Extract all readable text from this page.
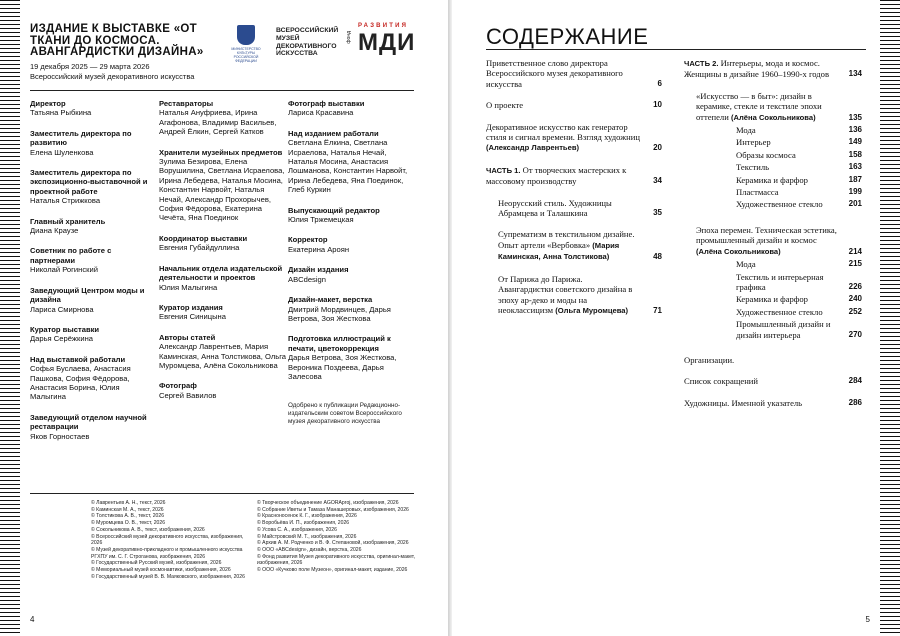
ИЗДАНИЕ К ВЫСТАВКЕ «ОТ ТКАНИ ДО КОСМОСА. АВАНГАРДИСТКИ ДИЗАЙНА»
19 декабря 2025 — 29 марта 2026
Всероссийский музей декоративного искусства
МИНИСТЕРСТВО КУЛЬТУРЫ РОССИЙСКОЙ ФЕДЕРАЦИИ
ВСЕРОССИЙСКИЙ МУЗЕЙ ДЕКОРАТИВНОГО ИСКУССТВА
фонд
РАЗВИТИЯ
МДИ
Директор
Татьяна Рыбкина
Заместитель директора по развитию
Елена Шуленкова
Заместитель директора по экспозиционно-выставочной и проектной работе
Наталья Стрижкова
Главный хранитель
Диана Краузе
Советник по работе с партнерами
Николай Рогинский
Заведующий Центром моды и дизайна
Лариса Смирнова
Куратор выставки
Дарья Серёжкина
Над выставкой работали
Софья Буслаева, Анастасия Пашкова, София Фёдорова, Анастасия Борина, Юлия Малыгина
Заведующий отделом научной реставрации
Яков Горностаев
Реставраторы
Наталья Ануфриева, Ирина Агафонова, Владимир Васильев, Андрей Ёлкин, Сергей Катков
Хранители музейных предметов
Зулима Безирова, Елена Ворушилина, Светлана Исраелова, Ирина Лебедева, Наталья Мосина, Константин Нарвойт, Наталья Нечай, Александр Прохорычев, София Фёдорова, Екатерина Чечёта, Яна Поединок
Координатор выставки
Евгения Губайдуллина
Начальник отдела издательской деятельности и проектов
Юлия Малыгина
Куратор издания
Евгения Синицына
Авторы статей
Александр Лаврентьев, Мария Каминская, Анна Толстикова, Ольга Муромцева, Алёна Сокольникова
Фотограф
Сергей Вавилов
Фотограф выставки
Лариса Красавина
Над изданием работали
Светлана Ёлкина, Светлана Исраелова, Наталья Нечай, Наталья Мосина, Анастасия Лошманова, Константин Нарвойт, Ирина Лебедева, Яна Поединок, Глеб Куркин
Выпускающий редактор
Юлия Тржемецкая
Корректор
Екатерина Ароян
Дизайн издания
ABCdesign
Дизайн-макет, верстка
Дмитрий Мордвинцев, Дарья Ветрова, Зоя Жесткова
Подготовка иллюстраций к печати, цветокоррекция
Дарья Ветрова, Зоя Жесткова, Вероника Поздеева, Дарья Залесова
Одобрено к публикации Редакционно-издательским советом Всероссийского музея декоративного искусства
© Лаврентьев А. Н., текст, 2026
© Каминская М. А., текст, 2026
© Толстикова А. В., текст, 2026
© Муромцева О. В., текст, 2026
© Сокольникова А. В., текст, изображения, 2026
© Всероссийский музей декоративного искусства, изображения, 2026
© Музей декоративно-прикладного и промышленного искусства РГХПУ им. С. Г. Строганова, изображения, 2026
© Государственный Русский музей, изображения, 2026
© Мемориальный музей космонавтики, изображения, 2026
© Государственный музей В. В. Маяковского, изображения, 2026
© Творческое объединение AGORAproj, изображения, 2026
© Собрание Иветы и Тамаза Манашеровых, изображения, 2026
© Красноносенок К. Г., изображения, 2026
© Воробьёва И. П., изображения, 2026
© Усова С. А., изображения, 2026
© Майстровский М. Т., изображения, 2026
© Архив А. М. Родченко и В. Ф. Степановой, изображения, 2026
© ООО «ABCdesign», дизайн, верстка, 2026
© Фонд развития Музея декоративного искусства, оригинал-макет, изображения, 2026
© ООО «Кучково поле Музеон», оригинал-макет, издание, 2026
4
СОДЕРЖАНИЕ
Приветственное слово директора Всероссийского музея декоративного искусства	6
О проекте	10
Декоративное искусство как генератор стиля и сигнал времени. Взгляд художниц (Александр Лаврентьев)	20
ЧАСТЬ 1. От творческих мастерских к массовому производству	34
Неорусский стиль. Художницы Абрамцева и Талашкина	35
Супрематизм в текстильном дизайне. Опыт артели «Вербовка» (Мария Каминская, Анна Толстикова)	48
От Парижа до Парижа. Авангардистки советского дизайна в эпоху ар-деко и моды на неоклассицизм (Ольга Муромцева)	71
ЧАСТЬ 2. Интерьеры, мода и космос. Женщины в дизайне 1960–1990-х годов 134
«Искусство — в быт»: дизайн в керамике, стекле и текстиле эпохи оттепели (Алёна Сокольникова)	135
Мода	136
Интерьер	149
Образы космоса	158
Текстиль	163
Керамика и фарфор	187
Пластмасса	199
Художественное стекло	201
Эпоха перемен. Техническая эстетика, промышленный дизайн и космос (Алёна Сокольникова)	214
Мода	215
Текстиль и интерьерная графика	226
Керамика и фарфор	240
Художественное стекло	252
Промышленный дизайн и дизайн интерьера	270
Организации.
Список сокращений	284
Художницы. Именной указатель	286
5
